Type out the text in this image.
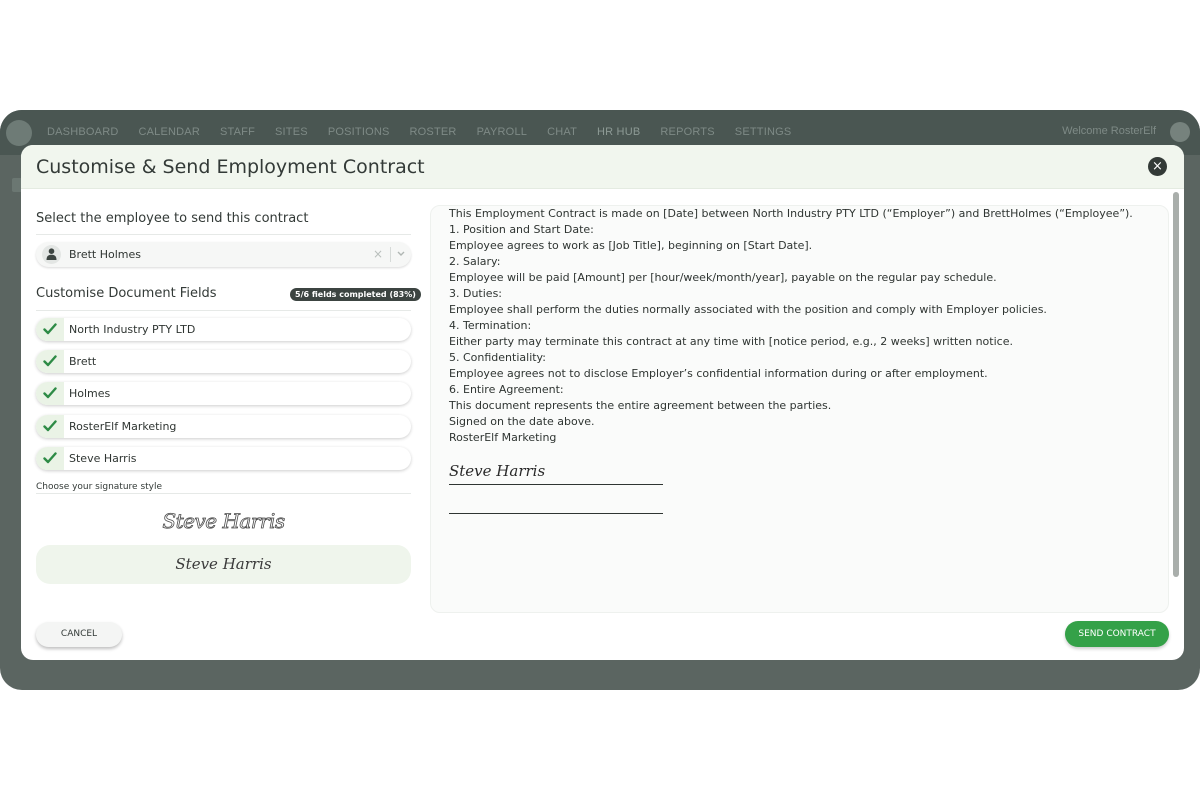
DASHBOARD CALENDAR STAFF SITES POSITIONS ROSTER PAYROLL CHAT HR HUB REPORTS SETTINGS	Welcome RosterElf
Customise & Send Employment Contract	×
Select the employee to send this contract
Brett Holmes	×
Customise Document Fields	5/6 fields completed (83%)
North Industry PTY LTD
Brett
Holmes
RosterElf Marketing
Steve Harris
Choose your signature style
Steve Harris
Steve Harris
This Employment Contract is made on [Date] between North Industry PTY LTD (“Employer”) and BrettHolmes (“Employee”).
1. Position and Start Date:
Employee agrees to work as [Job Title], beginning on [Start Date].
2. Salary:
Employee will be paid [Amount] per [hour/week/month/year], payable on the regular pay schedule.
3. Duties:
Employee shall perform the duties normally associated with the position and comply with Employer policies.
4. Termination:
Either party may terminate this contract at any time with [notice period, e.g., 2 weeks] written notice.
5. Confidentiality:
Employee agrees not to disclose Employer’s confidential information during or after employment.
6. Entire Agreement:
This document represents the entire agreement between the parties.
Signed on the date above.
RosterElf Marketing
Steve Harris
CANCEL	SEND CONTRACT
